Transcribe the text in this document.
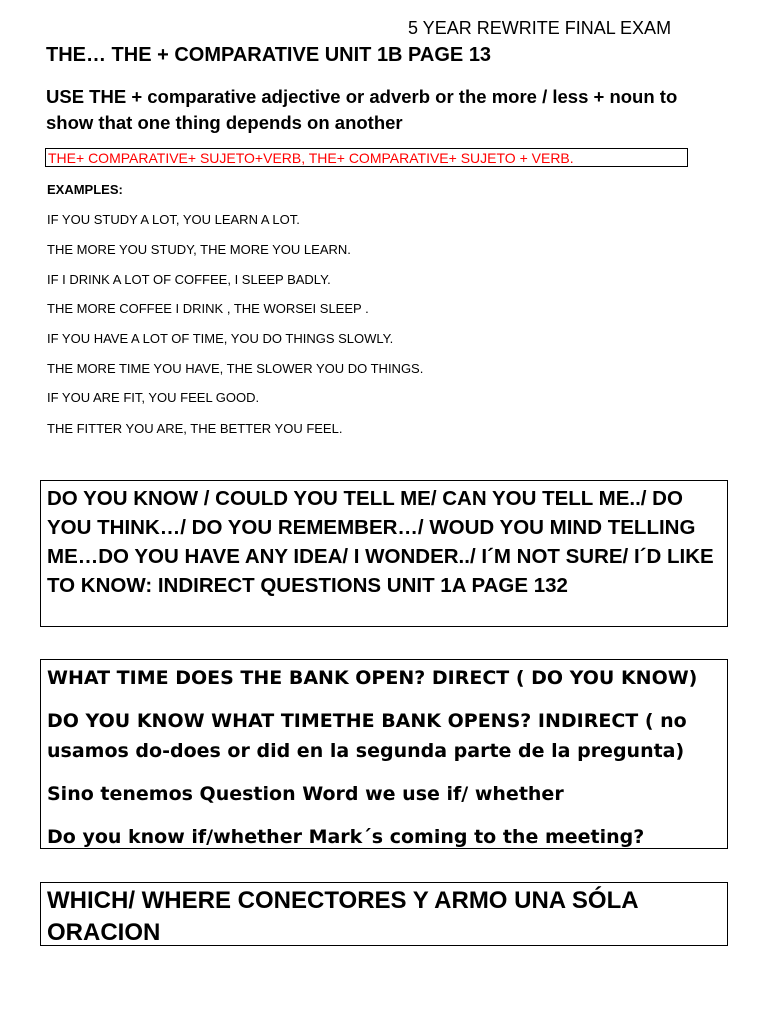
5 YEAR REWRITE FINAL EXAM
THE… THE + COMPARATIVE UNIT 1B PAGE 13
USE THE + comparative adjective or adverb or the more / less + noun to show that one thing depends on another
THE+ COMPARATIVE+ SUJETO+VERB, THE+ COMPARATIVE+ SUJETO + VERB.
EXAMPLES:
IF YOU STUDY A LOT, YOU LEARN A LOT.
THE MORE YOU STUDY, THE MORE YOU LEARN.
IF I DRINK A LOT OF COFFEE, I SLEEP BADLY.
THE MORE COFFEE I DRINK , THE WORSEI SLEEP .
IF YOU HAVE A LOT OF TIME, YOU DO THINGS SLOWLY.
THE MORE TIME YOU HAVE, THE SLOWER YOU DO THINGS.
IF YOU ARE FIT, YOU FEEL GOOD.
THE FITTER YOU ARE, THE BETTER YOU FEEL.
DO YOU KNOW / COULD YOU TELL ME/ CAN YOU TELL ME../ DO YOU THINK…/ DO YOU REMEMBER…/ WOUD YOU MIND TELLING ME…DO YOU HAVE ANY IDEA/ I WONDER../ I´M NOT SURE/ I´D LIKE TO KNOW: INDIRECT QUESTIONS UNIT 1A PAGE 132

WHAT TIME DOES THE BANK OPEN? DIRECT ( DO YOU KNOW)

DO YOU KNOW WHAT TIMETHE BANK OPENS? INDIRECT ( no usamos do-does or did en la segunda parte de la pregunta)

Sino tenemos Question Word we use if/ whether

Do you know if/whether Mark´s coming to the meeting?

WHICH/ WHERE CONECTORES Y ARMO UNA SÓLA ORACION
